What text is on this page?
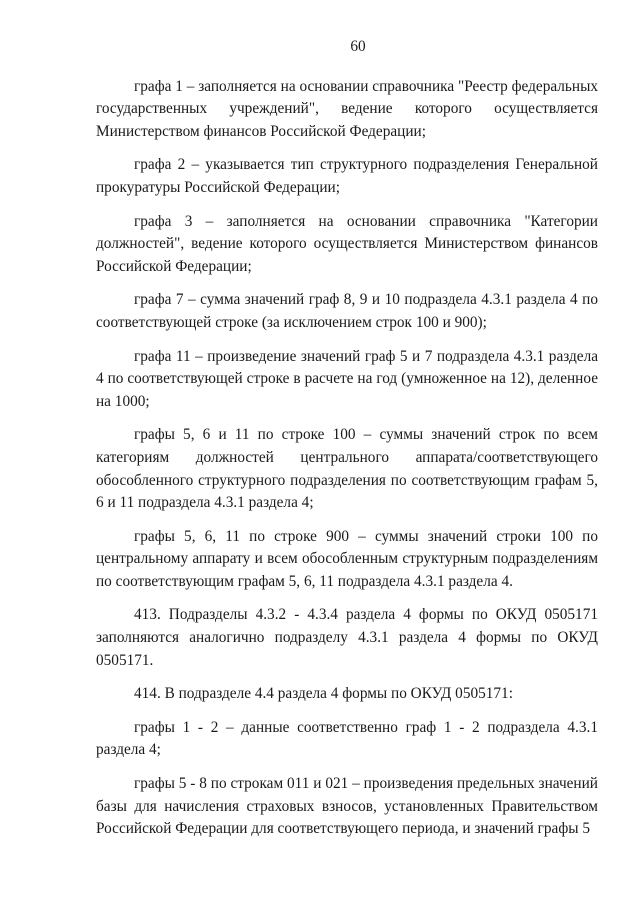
60

графа 1 – заполняется на основании справочника "Реестр федеральных государственных учреждений", ведение которого осуществляется Министерством финансов Российской Федерации;

графа 2 – указывается тип структурного подразделения Генеральной прокуратуры Российской Федерации;

графа 3 – заполняется на основании справочника "Категории должностей", ведение которого осуществляется Министерством финансов Российской Федерации;

графа 7 – сумма значений граф 8, 9 и 10 подраздела 4.3.1 раздела 4 по соответствующей строке (за исключением строк 100 и 900);

графа 11 – произведение значений граф 5 и 7 подраздела 4.3.1 раздела 4 по соответствующей строке в расчете на год (умноженное на 12), деленное на 1000;

графы 5, 6 и 11 по строке 100 – суммы значений строк по всем категориям должностей центрального аппарата/соответствующего обособленного структурного подразделения по соответствующим графам 5, 6 и 11 подраздела 4.3.1 раздела 4;

графы 5, 6, 11 по строке 900 – суммы значений строки 100 по центральному аппарату и всем обособленным структурным подразделениям по соответствующим графам 5, 6, 11 подраздела 4.3.1 раздела 4.

413. Подразделы 4.3.2 - 4.3.4 раздела 4 формы по ОКУД 0505171 заполняются аналогично подразделу 4.3.1 раздела 4 формы по ОКУД 0505171.

414. В подразделе 4.4 раздела 4 формы по ОКУД 0505171:

графы 1 - 2 – данные соответственно граф 1 - 2 подраздела 4.3.1 раздела 4;

графы 5 - 8 по строкам 011 и 021 – произведения предельных значений базы для начисления страховых взносов, установленных Правительством Российской Федерации для соответствующего периода, и значений графы 5
